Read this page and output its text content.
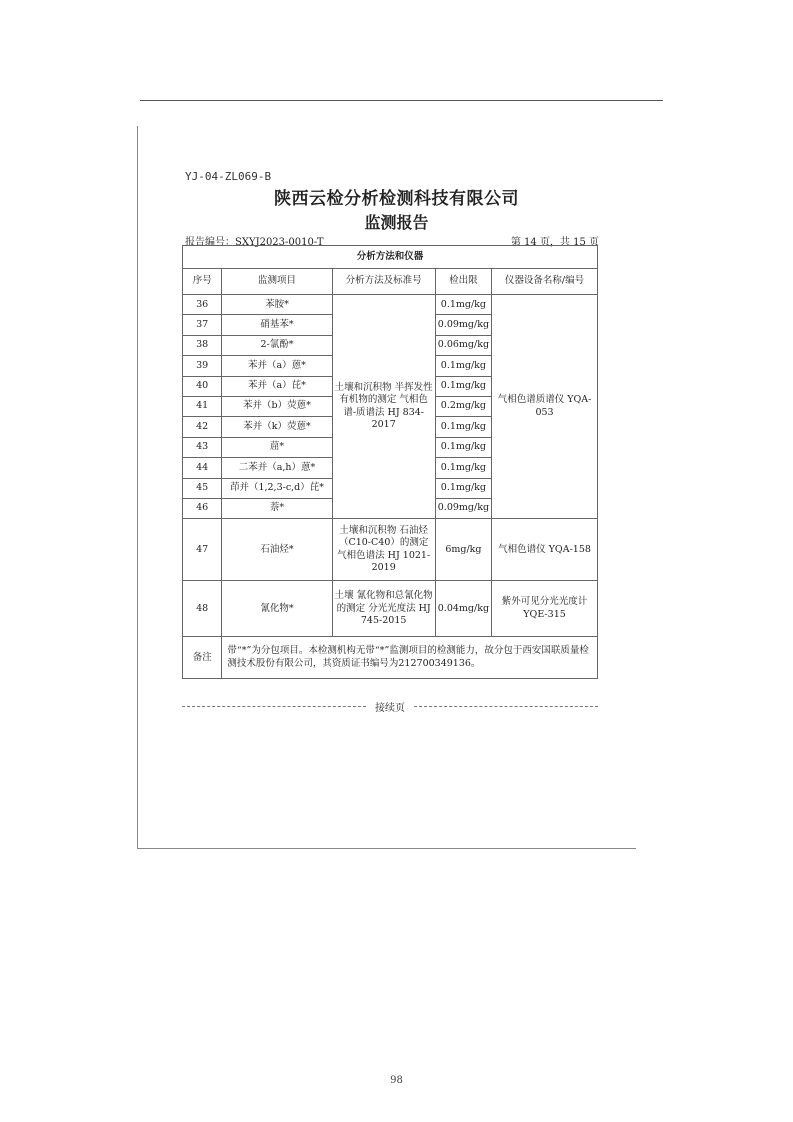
YJ-04-ZL069-B
陕西云检分析检测科技有限公司
监测报告
报告编号：SXYJ2023-0010-T	第 14 页，共 15 页
分析方法和仪器				
序号	监测项目	分析方法及标准号	检出限	仪器设备名称/编号
36	苯胺*	土壤和沉积物 半挥发性有机物的测定 气相色谱-质谱法 HJ 834-2017	0.1mg/kg	气相色谱质谱仪 YQA-053
37	硝基苯*		0.09mg/kg	
38	2-氯酚*		0.06mg/kg	
39	苯并（a）蒽*		0.1mg/kg	
40	苯并（a）芘*		0.1mg/kg	
41	苯并（b）荧蒽*		0.2mg/kg	
42	苯并（k）荧蒽*		0.1mg/kg	
43	䓛*		0.1mg/kg	
44	二苯并（a,h）蒽*		0.1mg/kg	
45	茚并（1,2,3-c,d）芘*		0.1mg/kg	
46	萘*		0.09mg/kg	
47	石油烃*	土壤和沉积物 石油烃（C10-C40）的测定 气相色谱法 HJ 1021-2019	6mg/kg	气相色谱仪 YQA-158
48	氰化物*	土壤 氰化物和总氰化物的测定 分光光度法 HJ 745-2015	0.04mg/kg	紫外可见分光光度计 YQE-315
备注	带“*”为分包项目。本检测机构无带“*”监测项目的检测能力，故分包于西安国联质量检测技术股份有限公司，其资质证书编号为212700349136。			
接续页
98
